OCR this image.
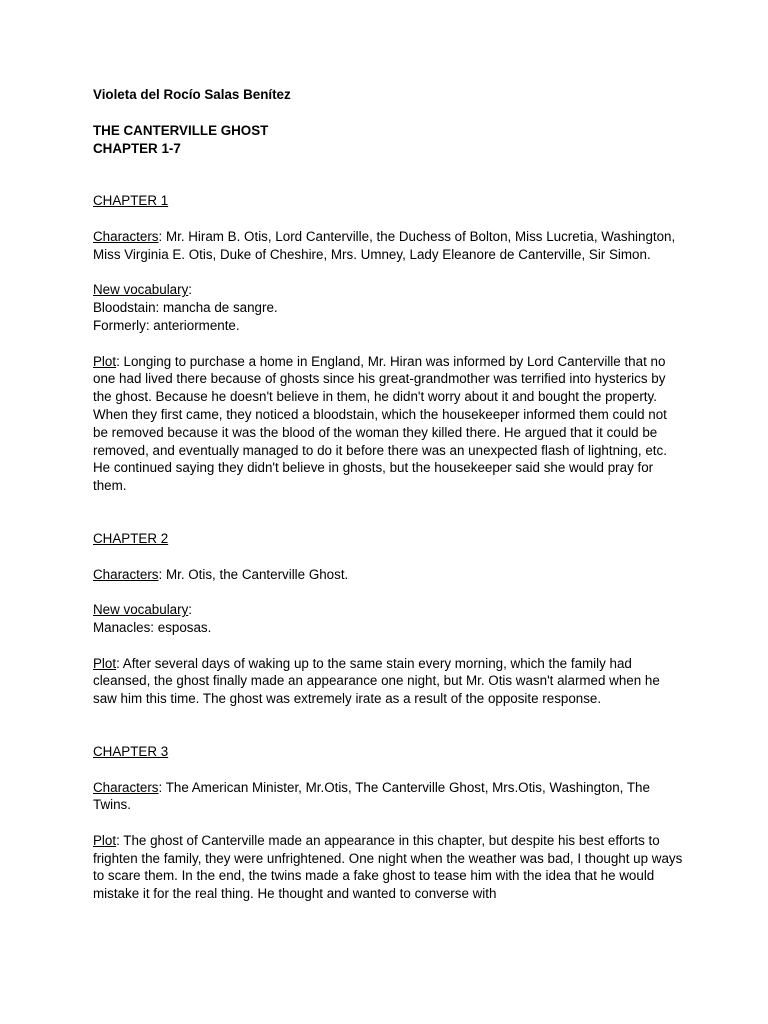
Violeta del Rocío Salas Benítez

THE CANTERVILLE GHOST
CHAPTER 1-7

CHAPTER 1

Characters: Mr. Hiram B. Otis, Lord Canterville, the Duchess of Bolton, Miss Lucretia, Washington, Miss Virginia E. Otis, Duke of Cheshire, Mrs. Umney, Lady Eleanore de Canterville, Sir Simon.

New vocabulary:

Bloodstain: mancha de sangre.

Formerly: anteriormente.

Plot: Longing to purchase a home in England, Mr. Hiran was informed by Lord Canterville that no one had lived there because of ghosts since his great-grandmother was terrified into hysterics by the ghost. Because he doesn't believe in them, he didn't worry about it and bought the property. When they first came, they noticed a bloodstain, which the housekeeper informed them could not be removed because it was the blood of the woman they killed there. He argued that it could be removed, and eventually managed to do it before there was an unexpected flash of lightning, etc. He continued saying they didn't believe in ghosts, but the housekeeper said she would pray for them.

CHAPTER 2

Characters: Mr. Otis, the Canterville Ghost.

New vocabulary:

Manacles: esposas.

Plot: After several days of waking up to the same stain every morning, which the family had cleansed, the ghost finally made an appearance one night, but Mr. Otis wasn't alarmed when he saw him this time. The ghost was extremely irate as a result of the opposite response.

CHAPTER 3

Characters: The American Minister, Mr.Otis, The Canterville Ghost, Mrs.Otis, Washington, The Twins.

Plot: The ghost of Canterville made an appearance in this chapter, but despite his best efforts to frighten the family, they were unfrightened. One night when the weather was bad, I thought up ways to scare them. In the end, the twins made a fake ghost to tease him with the idea that he would mistake it for the real thing. He thought and wanted to converse with
